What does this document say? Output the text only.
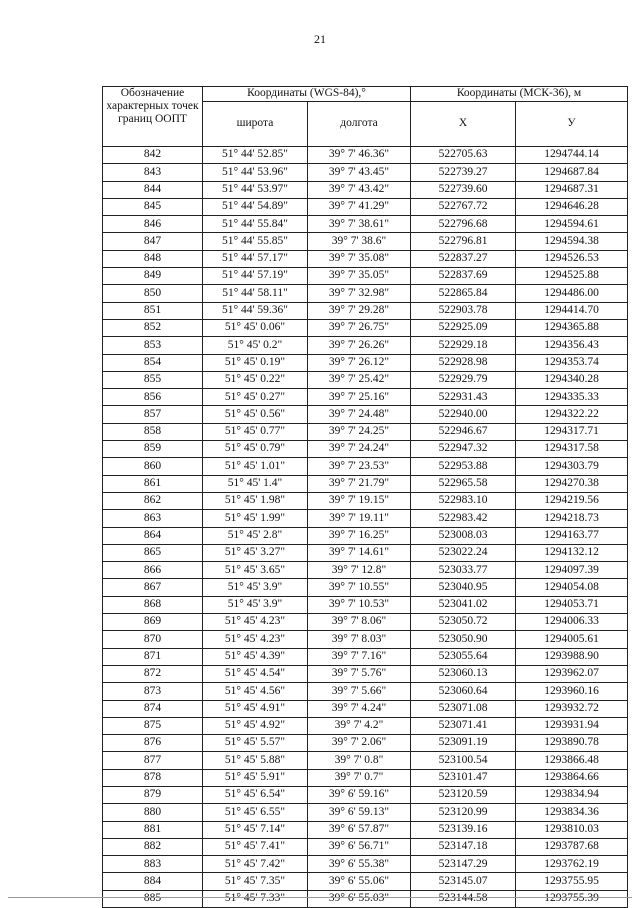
21
Обозначение характерных точек границ ООПТ	Координаты (WGS-84),°		Координаты (МСК-36), м	
	широта	долгота	X	У
842	51° 44' 52.85"	39° 7' 46.36"	522705.63	1294744.14
843	51° 44' 53.96"	39° 7' 43.45"	522739.27	1294687.84
844	51° 44' 53.97"	39° 7' 43.42"	522739.60	1294687.31
845	51° 44' 54.89"	39° 7' 41.29"	522767.72	1294646.28
846	51° 44' 55.84"	39° 7' 38.61"	522796.68	1294594.61
847	51° 44' 55.85"	39° 7' 38.6"	522796.81	1294594.38
848	51° 44' 57.17"	39° 7' 35.08"	522837.27	1294526.53
849	51° 44' 57.19"	39° 7' 35.05"	522837.69	1294525.88
850	51° 44' 58.11"	39° 7' 32.98"	522865.84	1294486.00
851	51° 44' 59.36"	39° 7' 29.28"	522903.78	1294414.70
852	51° 45' 0.06"	39° 7' 26.75"	522925.09	1294365.88
853	51° 45' 0.2"	39° 7' 26.26"	522929.18	1294356.43
854	51° 45' 0.19"	39° 7' 26.12"	522928.98	1294353.74
855	51° 45' 0.22"	39° 7' 25.42"	522929.79	1294340.28
856	51° 45' 0.27"	39° 7' 25.16"	522931.43	1294335.33
857	51° 45' 0.56"	39° 7' 24.48"	522940.00	1294322.22
858	51° 45' 0.77"	39° 7' 24.25"	522946.67	1294317.71
859	51° 45' 0.79"	39° 7' 24.24"	522947.32	1294317.58
860	51° 45' 1.01"	39° 7' 23.53"	522953.88	1294303.79
861	51° 45' 1.4"	39° 7' 21.79"	522965.58	1294270.38
862	51° 45' 1.98"	39° 7' 19.15"	522983.10	1294219.56
863	51° 45' 1.99"	39° 7' 19.11"	522983.42	1294218.73
864	51° 45' 2.8"	39° 7' 16.25"	523008.03	1294163.77
865	51° 45' 3.27"	39° 7' 14.61"	523022.24	1294132.12
866	51° 45' 3.65"	39° 7' 12.8"	523033.77	1294097.39
867	51° 45' 3.9"	39° 7' 10.55"	523040.95	1294054.08
868	51° 45' 3.9"	39° 7' 10.53"	523041.02	1294053.71
869	51° 45' 4.23"	39° 7' 8.06"	523050.72	1294006.33
870	51° 45' 4.23"	39° 7' 8.03"	523050.90	1294005.61
871	51° 45' 4.39"	39° 7' 7.16"	523055.64	1293988.90
872	51° 45' 4.54"	39° 7' 5.76"	523060.13	1293962.07
873	51° 45' 4.56"	39° 7' 5.66"	523060.64	1293960.16
874	51° 45' 4.91"	39° 7' 4.24"	523071.08	1293932.72
875	51° 45' 4.92"	39° 7' 4.2"	523071.41	1293931.94
876	51° 45' 5.57"	39° 7' 2.06"	523091.19	1293890.78
877	51° 45' 5.88"	39° 7' 0.8"	523100.54	1293866.48
878	51° 45' 5.91"	39° 7' 0.7"	523101.47	1293864.66
879	51° 45' 6.54"	39° 6' 59.16"	523120.59	1293834.94
880	51° 45' 6.55"	39° 6' 59.13"	523120.99	1293834.36
881	51° 45' 7.14"	39° 6' 57.87"	523139.16	1293810.03
882	51° 45' 7.41"	39° 6' 56.71"	523147.18	1293787.68
883	51° 45' 7.42"	39° 6' 55.38"	523147.29	1293762.19
884	51° 45' 7.35"	39° 6' 55.06"	523145.07	1293755.95
885	51° 45' 7.33"	39° 6' 55.03"	523144.58	1293755.39
